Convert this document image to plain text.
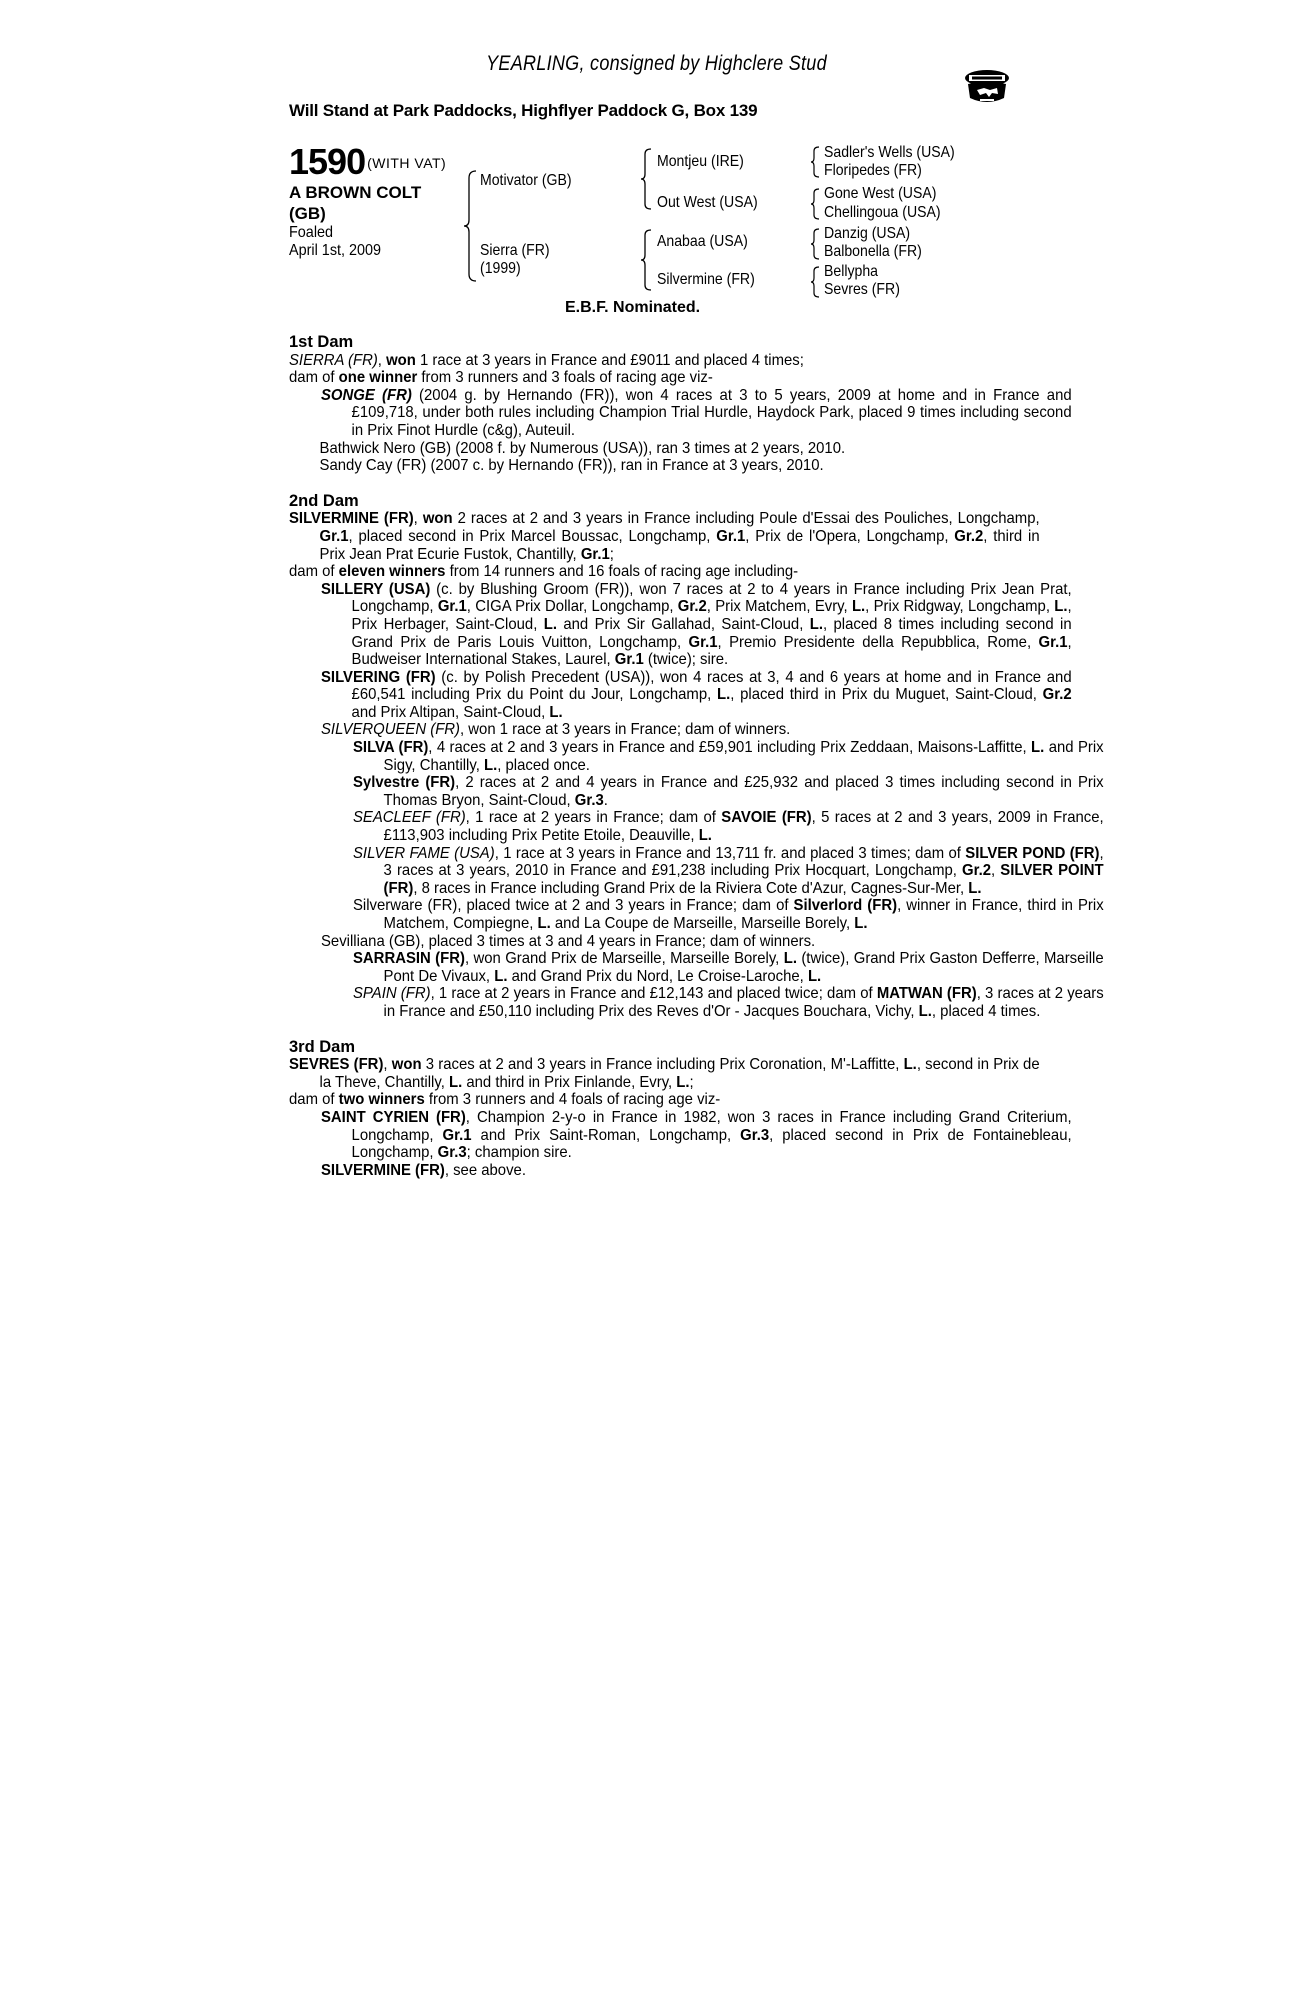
YEARLING, consigned by Highclere Stud
Will Stand at Park Paddocks, Highflyer Paddock G, Box 139
1590 (WITH VAT)
A BROWN COLT
(GB)
Foaled
April 1st, 2009
Motivator (GB)
Sierra (FR)
(1999)
Montjeu (IRE)
Out West (USA)
Anabaa (USA)
Silvermine (FR)
Sadler's Wells (USA)
Floripedes (FR)
Gone West (USA)
Chellingoua (USA)
Danzig (USA)
Balbonella (FR)
Bellypha
Sevres (FR)
E.B.F. Nominated.
1st Dam
SIERRA (FR), won 1 race at 3 years in France and £9011 and placed 4 times;
dam of one winner from 3 runners and 3 foals of racing age viz-
SONGE (FR) (2004 g. by Hernando (FR)), won 4 races at 3 to 5 years, 2009 at home and in France and £109,718, under both rules including Champion Trial Hurdle, Haydock Park, placed 9 times including second in Prix Finot Hurdle (c&g), Auteuil.
Bathwick Nero (GB) (2008 f. by Numerous (USA)), ran 3 times at 2 years, 2010.
Sandy Cay (FR) (2007 c. by Hernando (FR)), ran in France at 3 years, 2010.
2nd Dam
SILVERMINE (FR), won 2 races at 2 and 3 years in France including Poule d'Essai des Pouliches, Longchamp, Gr.1, placed second in Prix Marcel Boussac, Longchamp, Gr.1, Prix de l'Opera, Longchamp, Gr.2, third in Prix Jean Prat Ecurie Fustok, Chantilly, Gr.1;
dam of eleven winners from 14 runners and 16 foals of racing age including-
SILLERY (USA) (c. by Blushing Groom (FR)), won 7 races at 2 to 4 years in France including Prix Jean Prat, Longchamp, Gr.1, CIGA Prix Dollar, Longchamp, Gr.2, Prix Matchem, Evry, L., Prix Ridgway, Longchamp, L., Prix Herbager, Saint-Cloud, L. and Prix Sir Gallahad, Saint-Cloud, L., placed 8 times including second in Grand Prix de Paris Louis Vuitton, Longchamp, Gr.1, Premio Presidente della Repubblica, Rome, Gr.1, Budweiser International Stakes, Laurel, Gr.1 (twice); sire.
SILVERING (FR) (c. by Polish Precedent (USA)), won 4 races at 3, 4 and 6 years at home and in France and £60,541 including Prix du Point du Jour, Longchamp, L., placed third in Prix du Muguet, Saint-Cloud, Gr.2 and Prix Altipan, Saint-Cloud, L.
SILVERQUEEN (FR), won 1 race at 3 years in France; dam of winners.
SILVA (FR), 4 races at 2 and 3 years in France and £59,901 including Prix Zeddaan, Maisons-Laffitte, L. and Prix Sigy, Chantilly, L., placed once.
Sylvestre (FR), 2 races at 2 and 4 years in France and £25,932 and placed 3 times including second in Prix Thomas Bryon, Saint-Cloud, Gr.3.
SEACLEEF (FR), 1 race at 2 years in France; dam of SAVOIE (FR), 5 races at 2 and 3 years, 2009 in France, £113,903 including Prix Petite Etoile, Deauville, L.
SILVER FAME (USA), 1 race at 3 years in France and 13,711 fr. and placed 3 times; dam of SILVER POND (FR), 3 races at 3 years, 2010 in France and £91,238 including Prix Hocquart, Longchamp, Gr.2, SILVER POINT (FR), 8 races in France including Grand Prix de la Riviera Cote d'Azur, Cagnes-Sur-Mer, L.
Silverware (FR), placed twice at 2 and 3 years in France; dam of Silverlord (FR), winner in France, third in Prix Matchem, Compiegne, L. and La Coupe de Marseille, Marseille Borely, L.
Sevilliana (GB), placed 3 times at 3 and 4 years in France; dam of winners.
SARRASIN (FR), won Grand Prix de Marseille, Marseille Borely, L. (twice), Grand Prix Gaston Defferre, Marseille Pont De Vivaux, L. and Grand Prix du Nord, Le Croise-Laroche, L.
SPAIN (FR), 1 race at 2 years in France and £12,143 and placed twice; dam of MATWAN (FR), 3 races at 2 years in France and £50,110 including Prix des Reves d'Or - Jacques Bouchara, Vichy, L., placed 4 times.
3rd Dam
SEVRES (FR), won 3 races at 2 and 3 years in France including Prix Coronation, M'-Laffitte, L., second in Prix de la Theve, Chantilly, L. and third in Prix Finlande, Evry, L.;
dam of two winners from 3 runners and 4 foals of racing age viz-
SAINT CYRIEN (FR), Champion 2-y-o in France in 1982, won 3 races in France including Grand Criterium, Longchamp, Gr.1 and Prix Saint-Roman, Longchamp, Gr.3, placed second in Prix de Fontainebleau, Longchamp, Gr.3; champion sire.
SILVERMINE (FR), see above.
